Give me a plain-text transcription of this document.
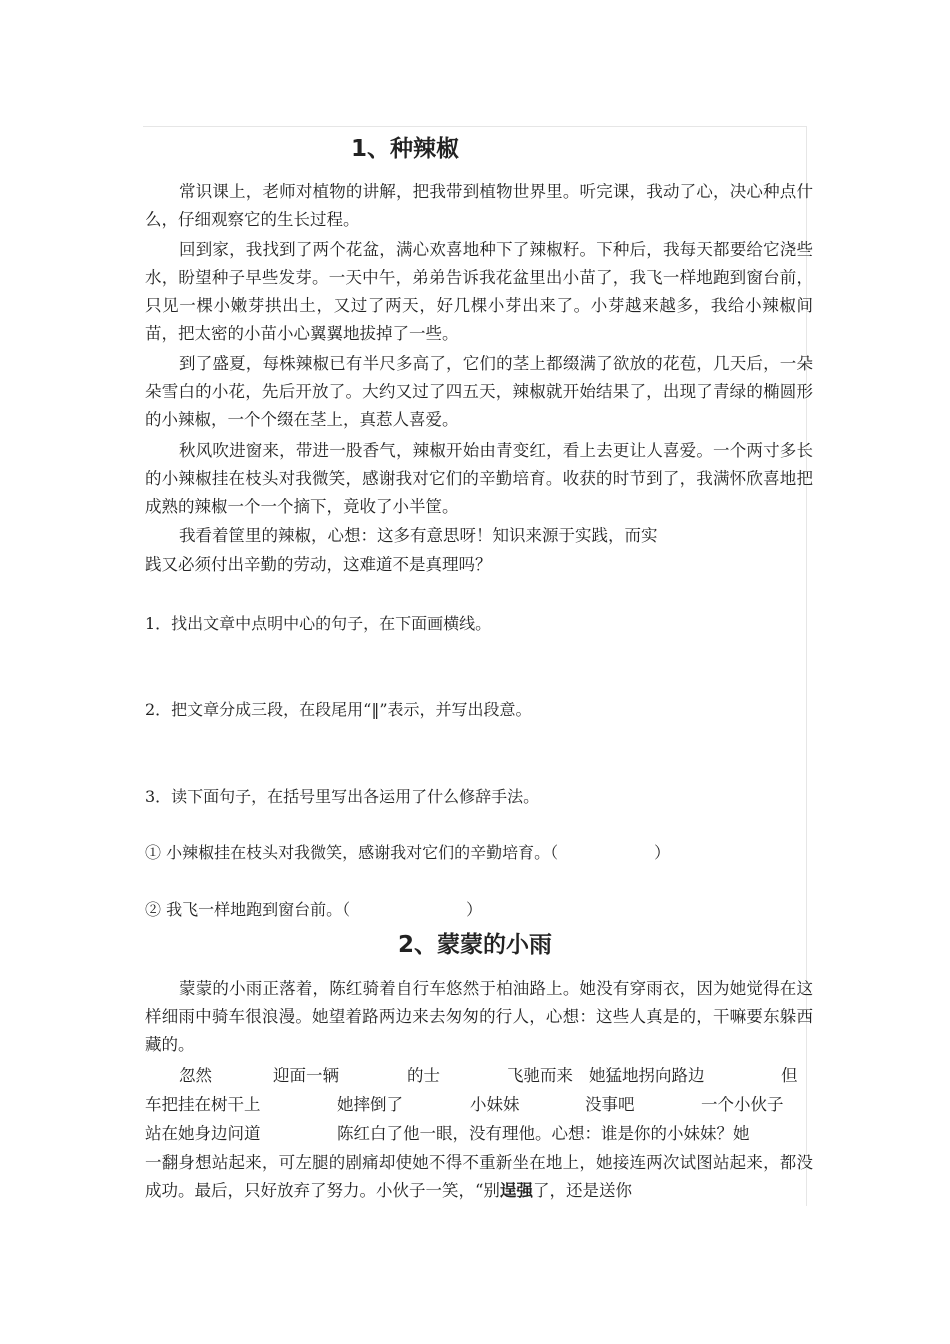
1、种辣椒

常识课上，老师对植物的讲解，把我带到植物世界里。听完课，我动了心，决心种点什么，仔细观察它的生长过程。

回到家，我找到了两个花盆，满心欢喜地种下了辣椒籽。下种后，我每天都要给它浇些水，盼望种子早些发芽。一天中午，弟弟告诉我花盆里出小苗了，我飞一样地跑到窗台前，只见一棵小嫩芽拱出土，又过了两天，好几棵小芽出来了。小芽越来越多，我给小辣椒间苗，把太密的小苗小心翼翼地拔掉了一些。

到了盛夏，每株辣椒已有半尺多高了，它们的茎上都缀满了欲放的花苞，几天后，一朵朵雪白的小花，先后开放了。大约又过了四五天，辣椒就开始结果了，出现了青绿的椭圆形的小辣椒，一个个缀在茎上，真惹人喜爱。

秋风吹进窗来，带进一股香气，辣椒开始由青变红，看上去更让人喜爱。一个两寸多长的小辣椒挂在枝头对我微笑，感谢我对它们的辛勤培育。收获的时节到了，我满怀欣喜地把成熟的辣椒一个一个摘下，竟收了小半筐。

我看着筐里的辣椒，心想：这多有意思呀！知识来源于实践，而实
践又必须付出辛勤的劳动，这难道不是真理吗？
1．找出文章中点明中心的句子，在下面画横线。
2．把文章分成三段，在段尾用“‖”表示，并写出段意。
3．读下面句子，在括号里写出各运用了什么修辞手法。
① 小辣椒挂在枝头对我微笑，感谢我对它们的辛勤培育。（	）
② 我飞一样地跑到窗台前。（	）
2、蒙蒙的小雨

蒙蒙的小雨正落着，陈红骑着自行车悠然于柏油路上。她没有穿雨衣，因为她觉得在这样细雨中骑车很浪漫。她望着路两边来去匆匆的行人，心想：这些人真是的，干嘛要东躲西藏的。

忽然	迎面一辆	的士	飞驰而来 她猛地拐向路边	但
车把挂在树干上	她摔倒了	小妹妹	没事吧	一个小伙子
站在她身边问道	陈红白了他一眼，没有理他。心想：谁是你的小妹妹？她

一翻身想站起来，可左腿的剧痛却使她不得不重新坐在地上，她接连两次试图站起来，都没成功。最后，只好放弃了努力。小伙子一笑，“别逞强了，还是送你
